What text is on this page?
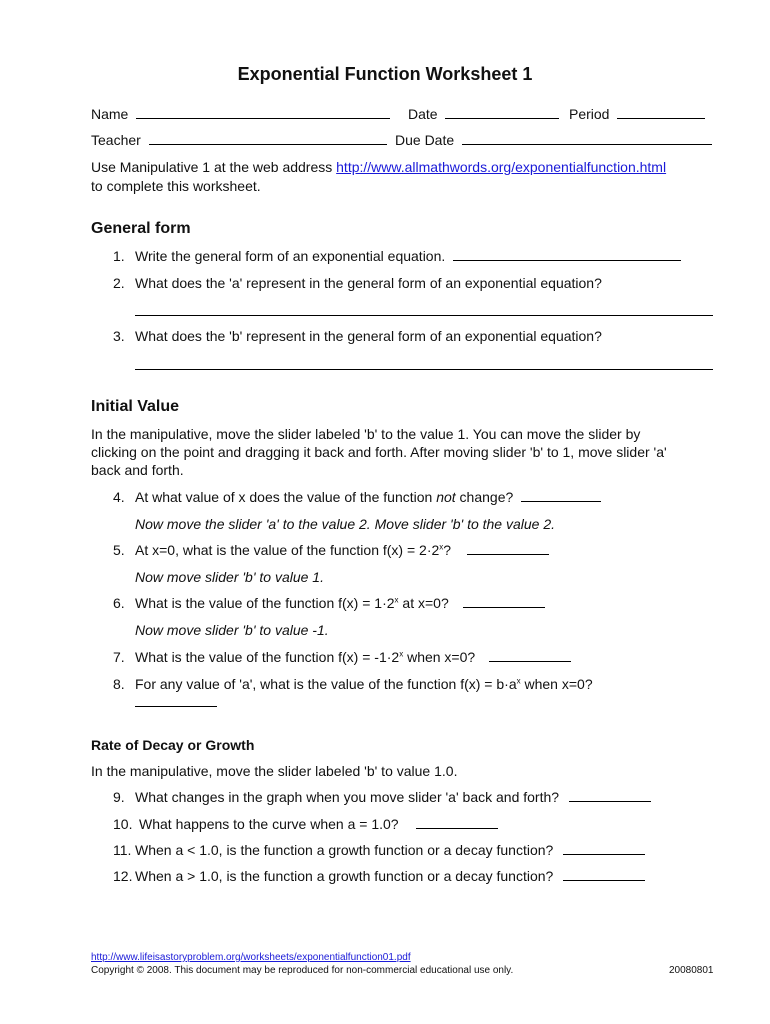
Exponential Function Worksheet 1
Name	Date	Period
Teacher	Due Date
Use Manipulative 1 at the web address http://www.allmathwords.org/exponentialfunction.html
to complete this worksheet.
General form
1. Write the general form of an exponential equation.
2. What does the 'a' represent in the general form of an exponential equation?
3. What does the 'b' represent in the general form of an exponential equation?
Initial Value
In the manipulative, move the slider labeled 'b' to the value 1. You can move the slider by
clicking on the point and dragging it back and forth. After moving slider 'b' to 1, move slider 'a'
back and forth.
4. At what value of x does the value of the function not change?
Now move the slider 'a' to the value 2. Move slider 'b' to the value 2.
5. At x=0, what is the value of the function $f(x) = 2\cdot 2^x$?
Now move slider 'b' to value 1.
6. What is the value of the function $f(x) = 1\cdot 2^x$ at x=0?
Now move slider 'b' to value -1.
7. What is the value of the function $f(x) = -1\cdot 2^x$ when x=0?
8. For any value of 'a', what is the value of the function $f(x) = b\cdot a^x$ when x=0?
Rate of Decay or Growth
In the manipulative, move the slider labeled 'b' to value 1.0.
9. What changes in the graph when you move slider 'a' back and forth?
10. What happens to the curve when a = 1.0?
11. When a < 1.0, is the function a growth function or a decay function?
12. When a > 1.0, is the function a growth function or a decay function?
http://www.lifeisastoryproblem.org/worksheets/exponentialfunction01.pdf
Copyright © 2008. This document may be reproduced for non-commercial educational use only.	20080801
